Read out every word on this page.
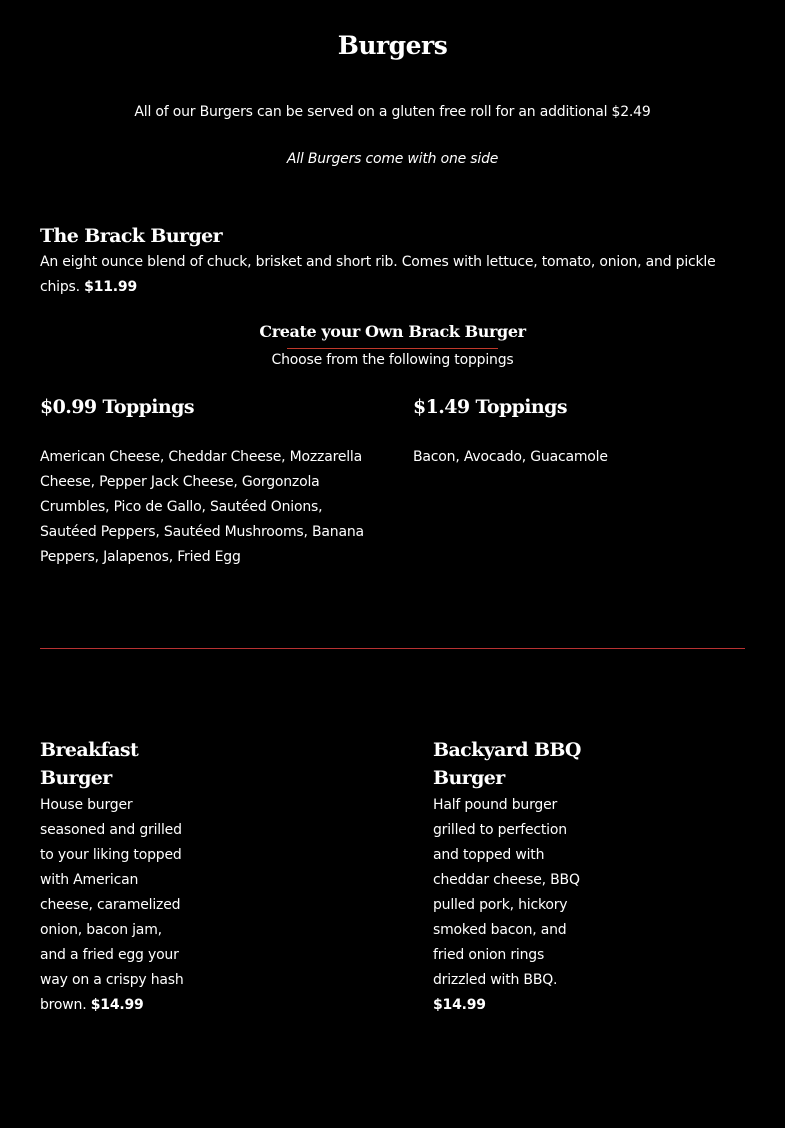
Burgers

All of our Burgers can be served on a gluten free roll for an additional $2.49

All Burgers come with one side

The Brack Burger
An eight ounce blend of chuck, brisket and short rib. Comes with lettuce, tomato, onion, and pickle chips. $11.99
Create your Own Brack Burger
Choose from the following toppings
$0.99 Toppings
American Cheese, Cheddar Cheese, Mozzarella Cheese, Pepper Jack Cheese, Gorgonzola Crumbles, Pico de Gallo, Sautéed Onions, Sautéed Peppers, Sautéed Mushrooms, Banana Peppers, Jalapenos, Fried Egg
$1.49 Toppings
Bacon, Avocado, Guacamole
Breakfast Burger
House burger seasoned and grilled to your liking topped with American cheese, caramelized onion, bacon jam, and a fried egg your way on a crispy hash brown. $14.99
Backyard BBQ Burger
Half pound burger grilled to perfection and topped with cheddar cheese, BBQ pulled pork, hickory smoked bacon, and fried onion rings drizzled with BBQ. $14.99
